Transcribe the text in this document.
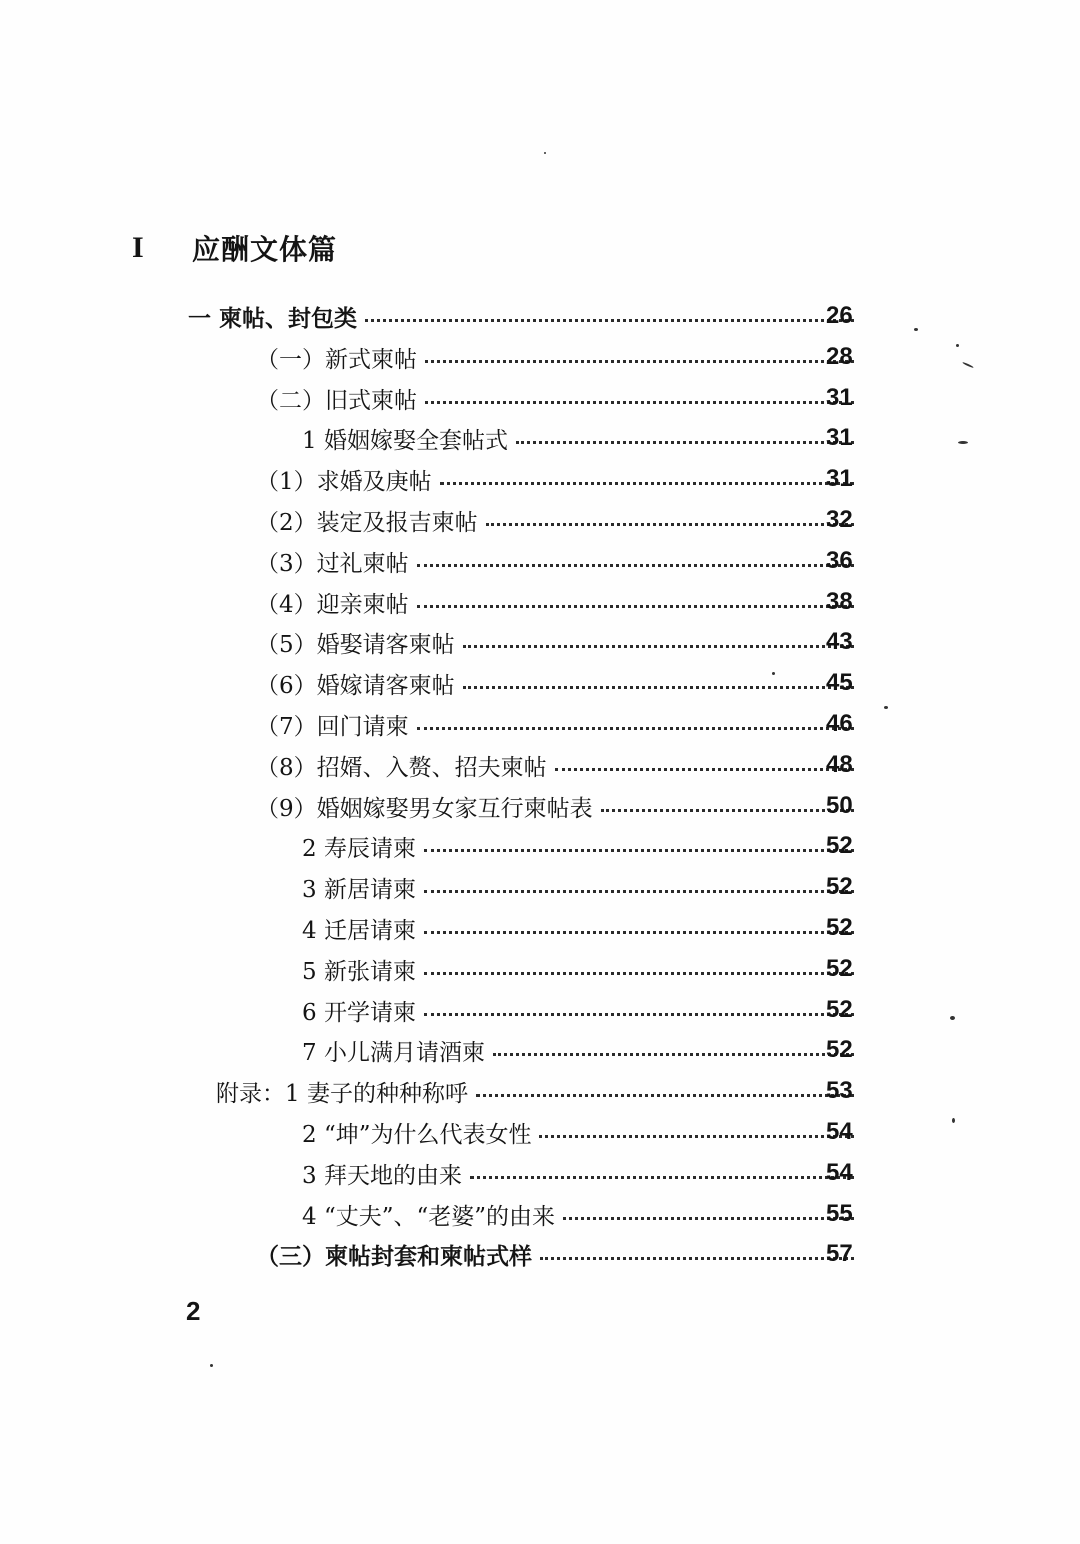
I	应酬文体篇
一 柬帖、封包类	26
（一）新式柬帖	28
（二）旧式柬帖	31
1 婚姻嫁娶全套帖式	31
（1）求婚及庚帖	31
（2）装定及报吉柬帖	32
（3）过礼柬帖	36
（4）迎亲柬帖	38
（5）婚娶请客柬帖	43
（6）婚嫁请客柬帖	45
（7）回门请柬	46
（8）招婿、入赘、招夫柬帖	48
（9）婚姻嫁娶男女家互行柬帖表	50
2 寿辰请柬	52
3 新居请柬	52
4 迁居请柬	52
5 新张请柬	52
6 开学请柬	52
7 小儿满月请酒柬	52
附录：1 妻子的种种称呼	53
2 “坤”为什么代表女性	54
3 拜天地的由来	54
4 “丈夫”、“老婆”的由来	55
（三）柬帖封套和柬帖式样	57
2
